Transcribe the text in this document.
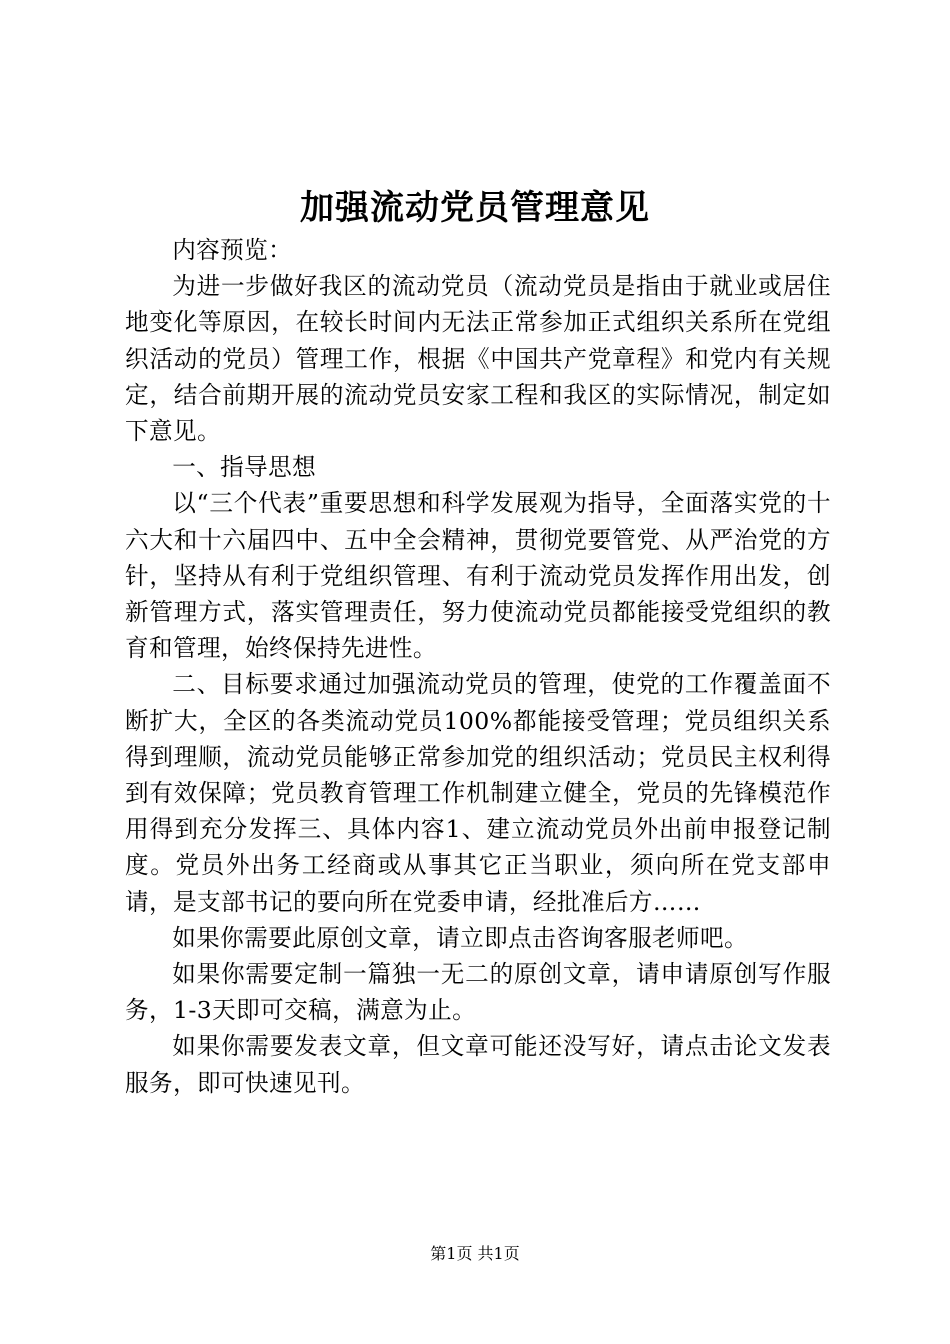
加强流动党员管理意见

内容预览：

为进一步做好我区的流动党员（流动党员是指由于就业或居住地变化等原因，在较长时间内无法正常参加正式组织关系所在党组织活动的党员）管理工作，根据《中国共产党章程》和党内有关规定，结合前期开展的流动党员安家工程和我区的实际情况，制定如下意见。

一、指导思想

以“三个代表”重要思想和科学发展观为指导，全面落实党的十六大和十六届四中、五中全会精神，贯彻党要管党、从严治党的方针，坚持从有利于党组织管理、有利于流动党员发挥作用出发，创新管理方式，落实管理责任，努力使流动党员都能接受党组织的教育和管理，始终保持先进性。

二、目标要求通过加强流动党员的管理，使党的工作覆盖面不断扩大，全区的各类流动党员100%都能接受管理；党员组织关系得到理顺，流动党员能够正常参加党的组织活动；党员民主权利得到有效保障；党员教育管理工作机制建立健全，党员的先锋模范作用得到充分发挥三、具体内容1、建立流动党员外出前申报登记制度。党员外出务工经商或从事其它正当职业，须向所在党支部申请，是支部书记的要向所在党委申请，经批准后方……

如果你需要此原创文章，请立即点击咨询客服老师吧。

如果你需要定制一篇独一无二的原创文章，请申请原创写作服务，1-3天即可交稿，满意为止。

如果你需要发表文章，但文章可能还没写好，请点击论文发表服务，即可快速见刊。

第1页 共1页
